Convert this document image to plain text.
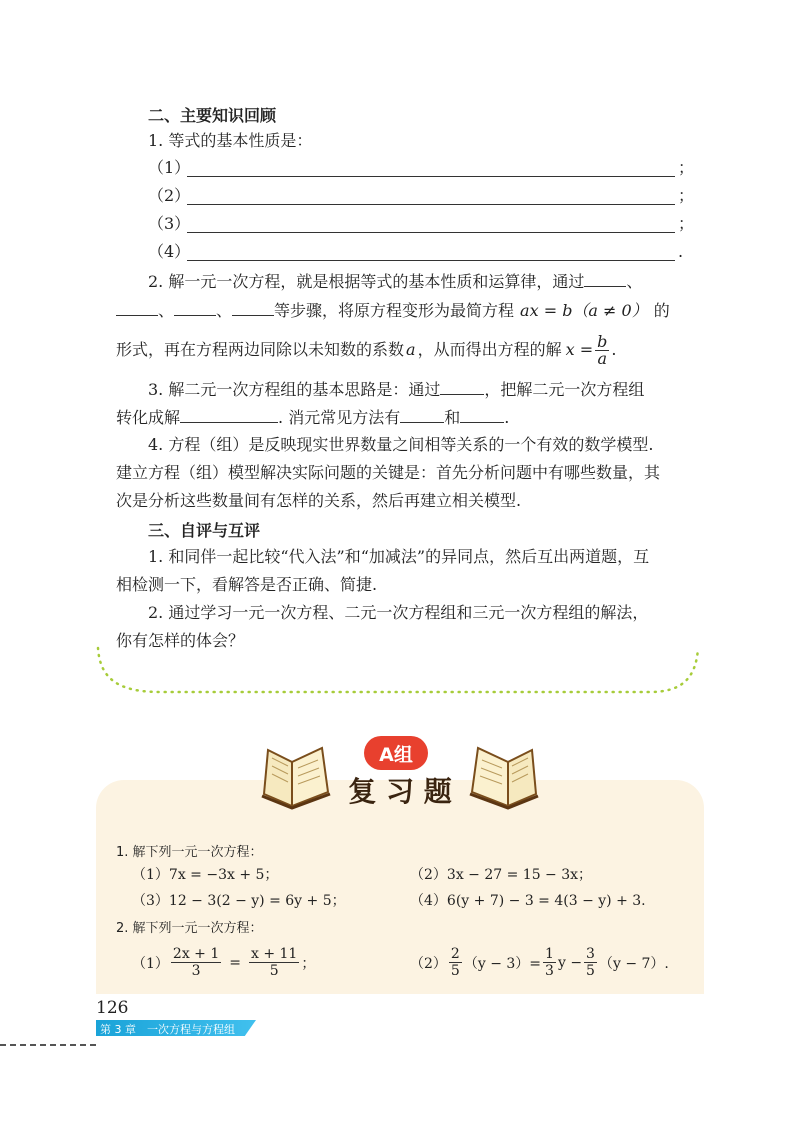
二、主要知识回顾
1. 等式的基本性质是：
（1）	；
（2）	；
（3）	；
（4）	.
2. 解一元一次方程，就是根据等式的基本性质和运算律，通过	、
、	、	等步骤，将原方程变形为最简方程 ax = b（a ≠ 0） 的
形式，再在方程两边同除以未知数的系数 a ，从而得出方程的解 $x = \frac{b}{a}$ .
3. 解二元一次方程组的基本思路是：通过	，把解二元一次方程组
转化成解	. 消元常见方法有	和	.
4. 方程（组）是反映现实世界数量之间相等关系的一个有效的数学模型.
建立方程（组）模型解决实际问题的关键是：首先分析问题中有哪些数量，其
次是分析这些数量间有怎样的关系，然后再建立相关模型.
三、自评与互评
1. 和同伴一起比较“代入法”和“加减法”的异同点，然后互出两道题，互
相检测一下，看解答是否正确、简捷.
2. 通过学习一元一次方程、二元一次方程组和三元一次方程组的解法，
你有怎样的体会？
A组
复 习 题
1. 解下列一元一次方程：
（1）7x = −3x + 5；	（2）3x − 27 = 15 − 3x；
（3）12 − 3(2 − y) = 6y + 5；	（4）6(y + 7) − 3 = 4(3 − y) + 3.
2. 解下列一元一次方程：
$(1) \frac{2x + 1}{3} = \frac{x + 11}{5}$ ；	$(2) \frac{2}{5} (y - 3)= \frac{1}{3}$ $y - \frac{3}{5} (y - 7)$.
126
第 3 章　一次方程与方程组
